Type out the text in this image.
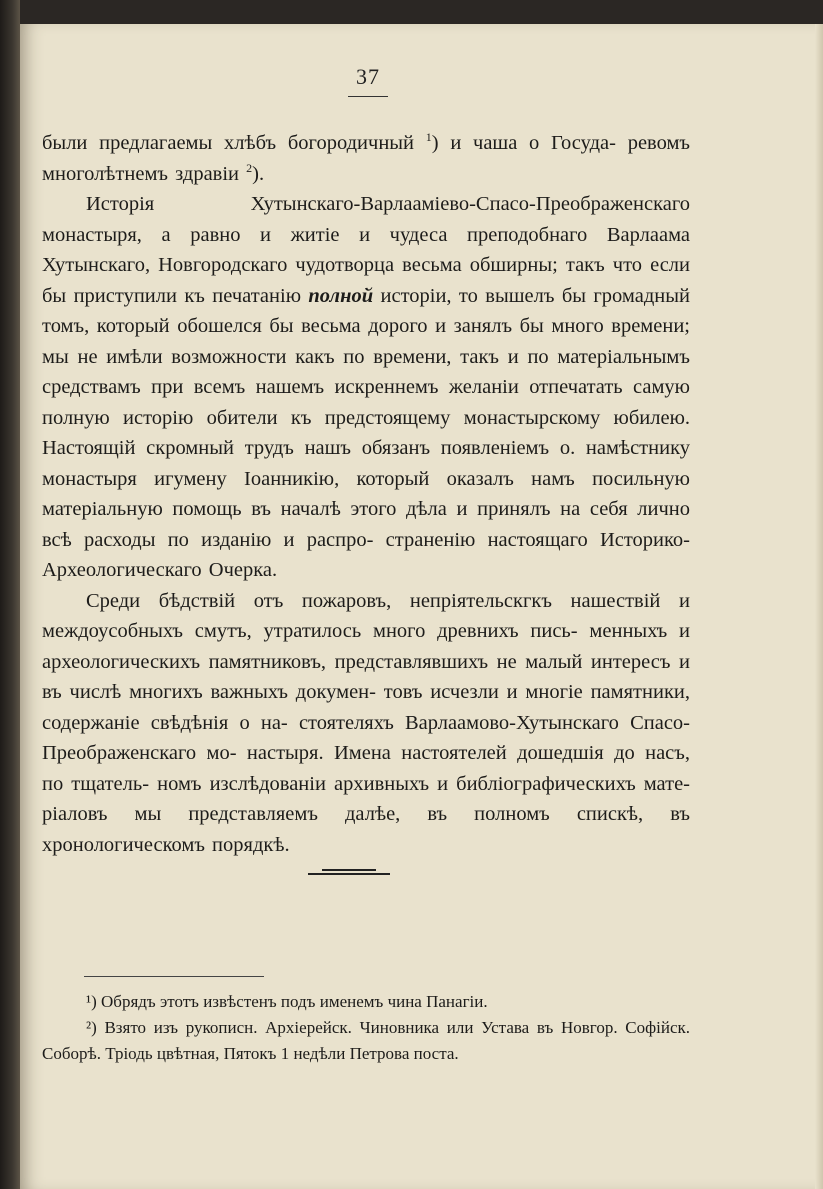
37

были предлагаемы хлѣбъ богородичный $^1$) и чаша о Госуда- ревомъ многолѣтнемъ здравіи $^2$).

Исторія Хутынскаго-Варлааміево-Спасо-Преображенскаго монастыря, а равно и житіе и чудеса преподобнаго Варлаама Хутынскаго, Новгородскаго чудотворца весьма обширны; такъ что если бы приступили къ печатанію полной исторіи, то вышелъ бы громадный томъ, который обошелся бы весьма дорого и занялъ бы много времени; мы не имѣли возможности какъ по времени, такъ и по матеріальнымъ средствамъ при всемъ нашемъ искреннемъ желаніи отпечатать самую полную исторію обители къ предстоящему монастырскому юбилею. Настоящій скромный трудъ нашъ обязанъ появленіемъ о. намѣстнику монастыря игумену Іоанникію, который оказалъ намъ посильную матеріальную помощь въ началѣ этого дѣла и принялъ на себя лично всѣ расходы по изданію и распро- страненію настоящаго Историко-Археологическаго Очерка.

Среди бѣдствій отъ пожаровъ, непріятельскгкъ нашествій и междоусобныхъ смутъ, утратилось много древнихъ пись- менныхъ и археологическихъ памятниковъ, представлявшихъ не малый интересъ и въ числѣ многихъ важныхъ докумен- товъ исчезли и многіе памятники, содержаніе свѣдѣнія о на- стоятеляхъ Варлаамово-Хутынскаго Спасо-Преображенскаго мо- настыря. Имена настоятелей дошедшія до насъ, по тщатель- номъ изслѣдованіи архивныхъ и библіографическихъ мате- ріаловъ мы представляемъ далѣе, въ полномъ спискѣ, въ хронологическомъ порядкѣ.

¹) Обрядъ этотъ извѣстенъ подъ именемъ чина Панагіи.

²) Взято изъ рукописн. Архіерейск. Чиновника или Устава въ Новгор. Софійск. Соборѣ. Тріодь цвѣтная, Пятокъ 1 недѣли Петрова поста.
